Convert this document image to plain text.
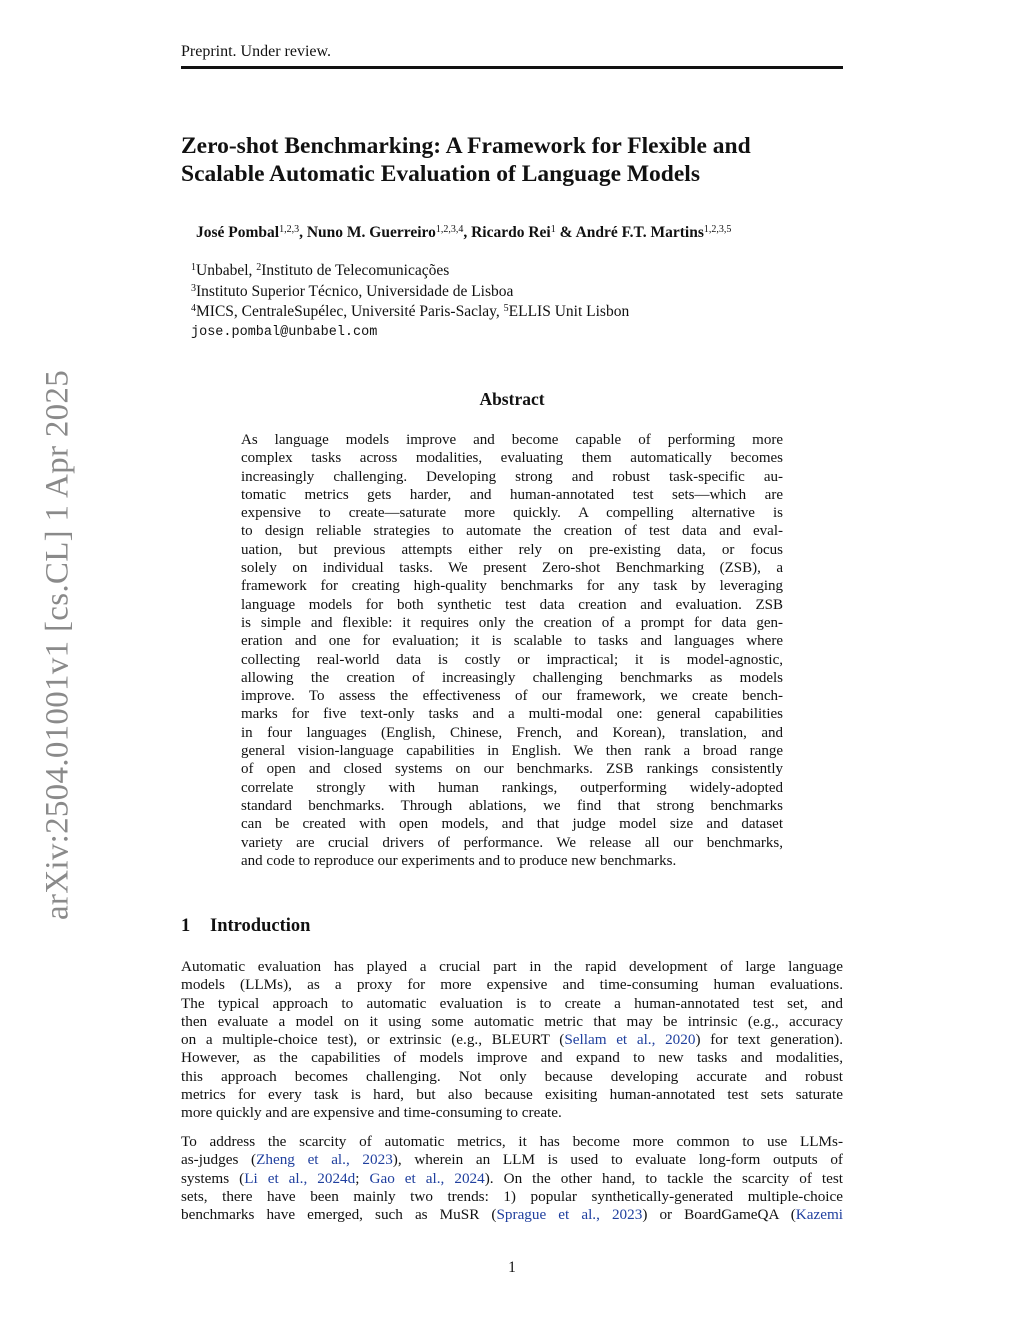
Preprint. Under review.
Zero-shot Benchmarking: A Framework for Flexible and
Scalable Automatic Evaluation of Language Models
José Pombal$^{1,2,3}$, Nuno M. Guerreiro$^{1,2,3,4}$, Ricardo Rei$^1$ & André F.T. Martins$^{1,2,3,5}$
$^1$Unbabel, $^2$Instituto de Telecomunicações
$^3$Instituto Superior Técnico, Universidade de Lisboa
$^4$MICS, CentraleSupélec, Université Paris-Saclay, $^5$ELLIS Unit Lisbon
jose.pombal@unbabel.com
Abstract
As language models improve and become capable of performing more
complex tasks across modalities, evaluating them automatically becomes
increasingly challenging. Developing strong and robust task-specific au-
tomatic metrics gets harder, and human-annotated test sets—which are
expensive to create—saturate more quickly. A compelling alternative is
to design reliable strategies to automate the creation of test data and eval-
uation, but previous attempts either rely on pre-existing data, or focus
solely on individual tasks. We present Zero-shot Benchmarking (ZSB), a
framework for creating high-quality benchmarks for any task by leveraging
language models for both synthetic test data creation and evaluation. ZSB
is simple and flexible: it requires only the creation of a prompt for data gen-
eration and one for evaluation; it is scalable to tasks and languages where
collecting real-world data is costly or impractical; it is model-agnostic,
allowing the creation of increasingly challenging benchmarks as models
improve. To assess the effectiveness of our framework, we create bench-
marks for five text-only tasks and a multi-modal one: general capabilities
in four languages (English, Chinese, French, and Korean), translation, and
general vision-language capabilities in English. We then rank a broad range
of open and closed systems on our benchmarks. ZSB rankings consistently
correlate strongly with human rankings, outperforming widely-adopted
standard benchmarks. Through ablations, we find that strong benchmarks
can be created with open models, and that judge model size and dataset
variety are crucial drivers of performance. We release all our benchmarks,
and code to reproduce our experiments and to produce new benchmarks.
1 Introduction
Automatic evaluation has played a crucial part in the rapid development of large language
models (LLMs), as a proxy for more expensive and time-consuming human evaluations.
The typical approach to automatic evaluation is to create a human-annotated test set, and
then evaluate a model on it using some automatic metric that may be intrinsic (e.g., accuracy
on a multiple-choice test), or extrinsic (e.g., BLEURT (Sellam et al., 2020) for text generation).
However, as the capabilities of models improve and expand to new tasks and modalities,
this approach becomes challenging. Not only because developing accurate and robust
metrics for every task is hard, but also because exisiting human-annotated test sets saturate
more quickly and are expensive and time-consuming to create.
To address the scarcity of automatic metrics, it has become more common to use LLMs-
as-judges (Zheng et al., 2023), wherein an LLM is used to evaluate long-form outputs of
systems (Li et al., 2024d; Gao et al., 2024). On the other hand, to tackle the scarcity of test
sets, there have been mainly two trends: 1) popular synthetically-generated multiple-choice
benchmarks have emerged, such as MuSR (Sprague et al., 2023) or BoardGameQA (Kazemi
arXiv:2504.01001v1 [cs.CL] 1 Apr 2025
1
